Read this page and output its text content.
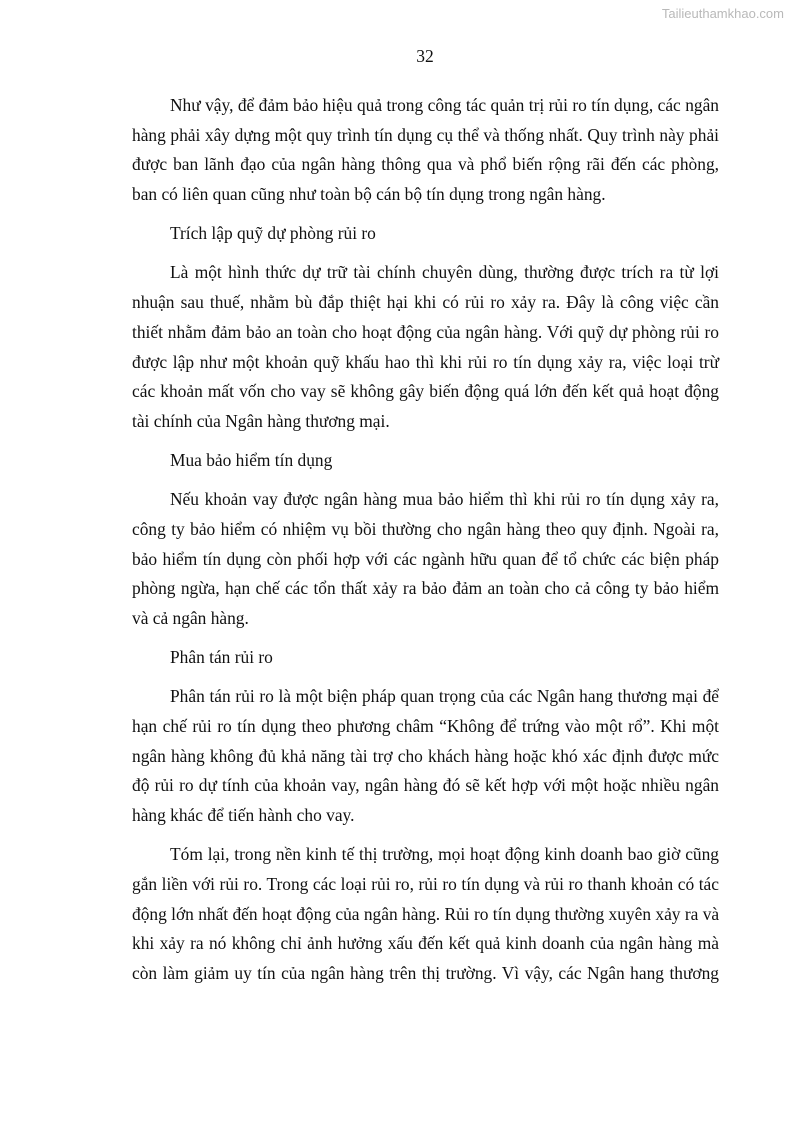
Tailieuthamkhao.com
32
Như vậy, để đảm bảo hiệu quả trong công tác quản trị rủi ro tín dụng, các ngân
hàng phải xây dựng một quy trình tín dụng cụ thể và thống nhất. Quy trình này phải
được ban lãnh đạo của ngân hàng thông qua và phổ biến rộng rãi đến các phòng,
ban có liên quan cũng như toàn bộ cán bộ tín dụng trong ngân hàng.
Trích lập quỹ dự phòng rủi ro
Là một hình thức dự trữ tài chính chuyên dùng, thường được trích ra từ lợi
nhuận sau thuế, nhằm bù đắp thiệt hại khi có rủi ro xảy ra. Đây là công việc cần
thiết nhằm đảm bảo an toàn cho hoạt động của ngân hàng. Với quỹ dự phòng rủi ro
được lập như một khoản quỹ khấu hao thì khi rủi ro tín dụng xảy ra, việc loại trừ
các khoản mất vốn cho vay sẽ không gây biến động quá lớn đến kết quả hoạt động
tài chính của Ngân hàng thương mại.
Mua bảo hiểm tín dụng
Nếu khoản vay được ngân hàng mua bảo hiểm thì khi rủi ro tín dụng xảy ra,
công ty bảo hiểm có nhiệm vụ bồi thường cho ngân hàng theo quy định. Ngoài ra,
bảo hiểm tín dụng còn phối hợp với các ngành hữu quan để tổ chức các biện pháp
phòng ngừa, hạn chế các tổn thất xảy ra bảo đảm an toàn cho cả công ty bảo hiểm
và cả ngân hàng.
Phân tán rủi ro
Phân tán rủi ro là một biện pháp quan trọng của các Ngân hang thương mại để
hạn chế rủi ro tín dụng theo phương châm “Không để trứng vào một rổ”. Khi một
ngân hàng không đủ khả năng tài trợ cho khách hàng hoặc khó xác định được mức
độ rủi ro dự tính của khoản vay, ngân hàng đó sẽ kết hợp với một hoặc nhiều ngân
hàng khác để tiến hành cho vay.
Tóm lại, trong nền kinh tế thị trường, mọi hoạt động kinh doanh bao giờ cũng
gắn liền với rủi ro. Trong các loại rủi ro, rủi ro tín dụng và rủi ro thanh khoản có tác
động lớn nhất đến hoạt động của ngân hàng. Rủi ro tín dụng thường xuyên xảy ra và
khi xảy ra nó không chỉ ảnh hưởng xấu đến kết quả kinh doanh của ngân hàng mà
còn làm giảm uy tín của ngân hàng trên thị trường. Vì vậy, các Ngân hang thương
